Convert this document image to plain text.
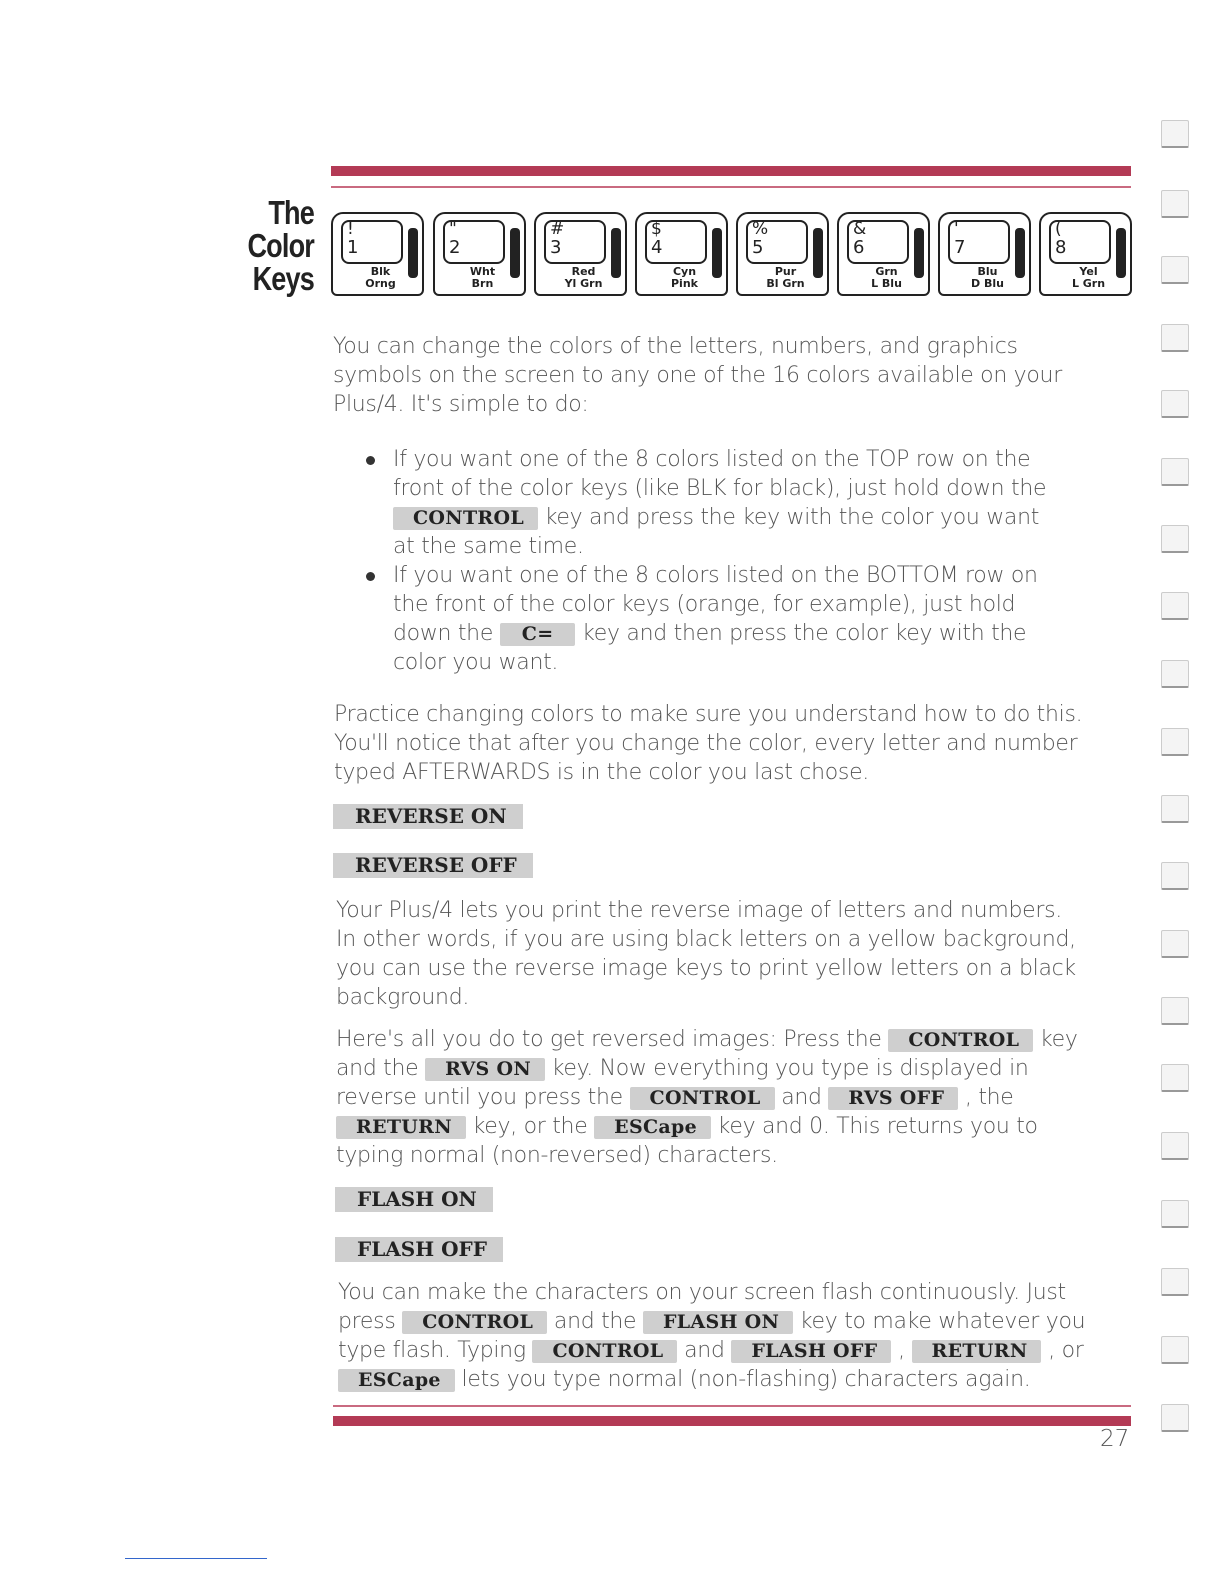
The
Color
Keys
!
1
Blk
Orng
"
2
Wht
Brn
#
3
Red
Yl Grn
$
4
Cyn
Pink
%
5
Pur
Bl Grn
&
6
Grn
L Blu
'
7
Blu
D Blu
(
8
Yel
L Grn
You can change the colors of the letters, numbers, and graphics
symbols on the screen to any one of the 16 colors available on your
Plus/4. It's simple to do:
If you want one of the 8 colors listed on the TOP row on the
front of the color keys (like BLK for black), just hold down the
CONTROL key and press the key with the color you want
at the same time.
If you want one of the 8 colors listed on the BOTTOM row on
the front of the color keys (orange, for example), just hold
down the C= key and then press the color key with the
color you want.
Practice changing colors to make sure you understand how to do this.
You'll notice that after you change the color, every letter and number
typed AFTERWARDS is in the color you last chose.
REVERSE ON
REVERSE OFF
Your Plus/4 lets you print the reverse image of letters and numbers.
In other words, if you are using black letters on a yellow background,
you can use the reverse image keys to print yellow letters on a black
background.
Here's all you do to get reversed images: Press the CONTROL key
and the RVS ON key. Now everything you type is displayed in
reverse until you press the CONTROL and RVS OFF , the
RETURN key, or the ESCape key and 0. This returns you to
typing normal (non-reversed) characters.
FLASH ON
FLASH OFF
You can make the characters on your screen flash continuously. Just
press CONTROL and the FLASH ON key to make whatever you
type flash. Typing CONTROL and FLASH OFF , RETURN , or
ESCape lets you type normal (non-flashing) characters again.
27
